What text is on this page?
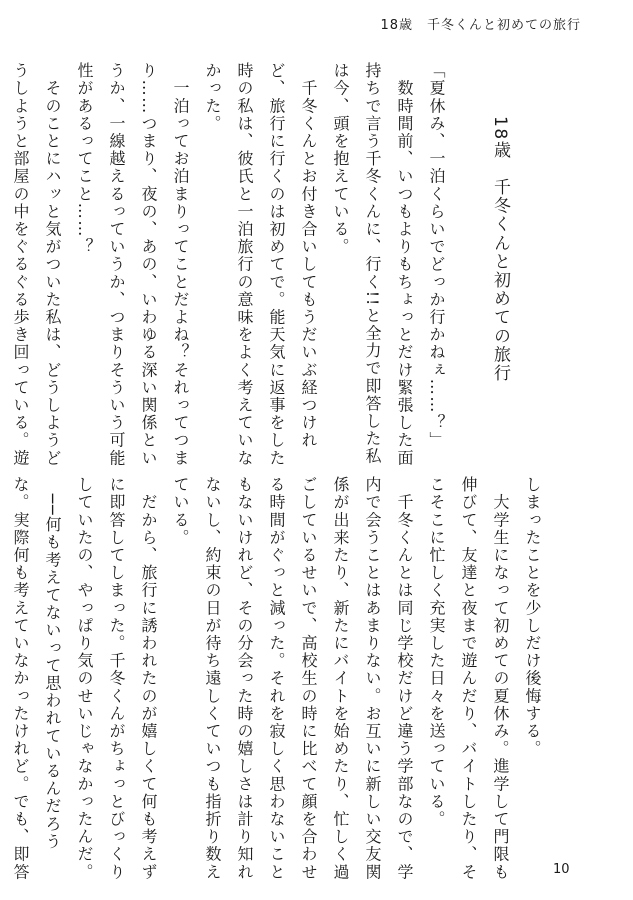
18歳　千冬くんと初めての旅行
18歳　千冬くんと初めての旅行
「夏休み、一泊くらいでどっか行かねぇ……？」
　数時間前、いつもよりもちょっとだけ緊張した面
持ちで言う千冬くんに、行く!!と全力で即答した私
は今、頭を抱えている。
　千冬くんとお付き合いしてもうだいぶ経つけれ
ど、旅行に行くのは初めてで。能天気に返事をした
時の私は、彼氏と一泊旅行の意味をよく考えていな
かった。
　一泊ってお泊まりってことだよね？それってつま
り……つまり、夜の、あの、いわゆる深い関係とい
うか、一線越えるっていうか、つまりそういう可能
性があるってこと……？
　そのことにハッと気がついた私は、どうしようど
うしようと部屋の中をぐるぐる歩き回っている。遊
しまったことを少しだけ後悔する。
　大学生になって初めての夏休み。進学して門限も
伸びて、友達と夜まで遊んだり、バイトしたり、そ
こそこに忙しく充実した日々を送っている。
　千冬くんとは同じ学校だけど違う学部なので、学
内で会うことはあまりない。お互いに新しい交友関
係が出来たり、新たにバイトを始めたり、忙しく過
ごしているせいで、高校生の時に比べて顔を合わせ
る時間がぐっと減った。それを寂しく思わないこと
もないけれど、その分会った時の嬉しさは計り知れ
ないし、約束の日が待ち遠しくていつも指折り数え
ている。
　だから、旅行に誘われたのが嬉しくて何も考えず
に即答してしまった。千冬くんがちょっとびっくり
していたの、やっぱり気のせいじゃなかったんだ。
　──何も考えてないって思われているんだろう
な。実際何も考えていなかったけれど。でも、即答	10
